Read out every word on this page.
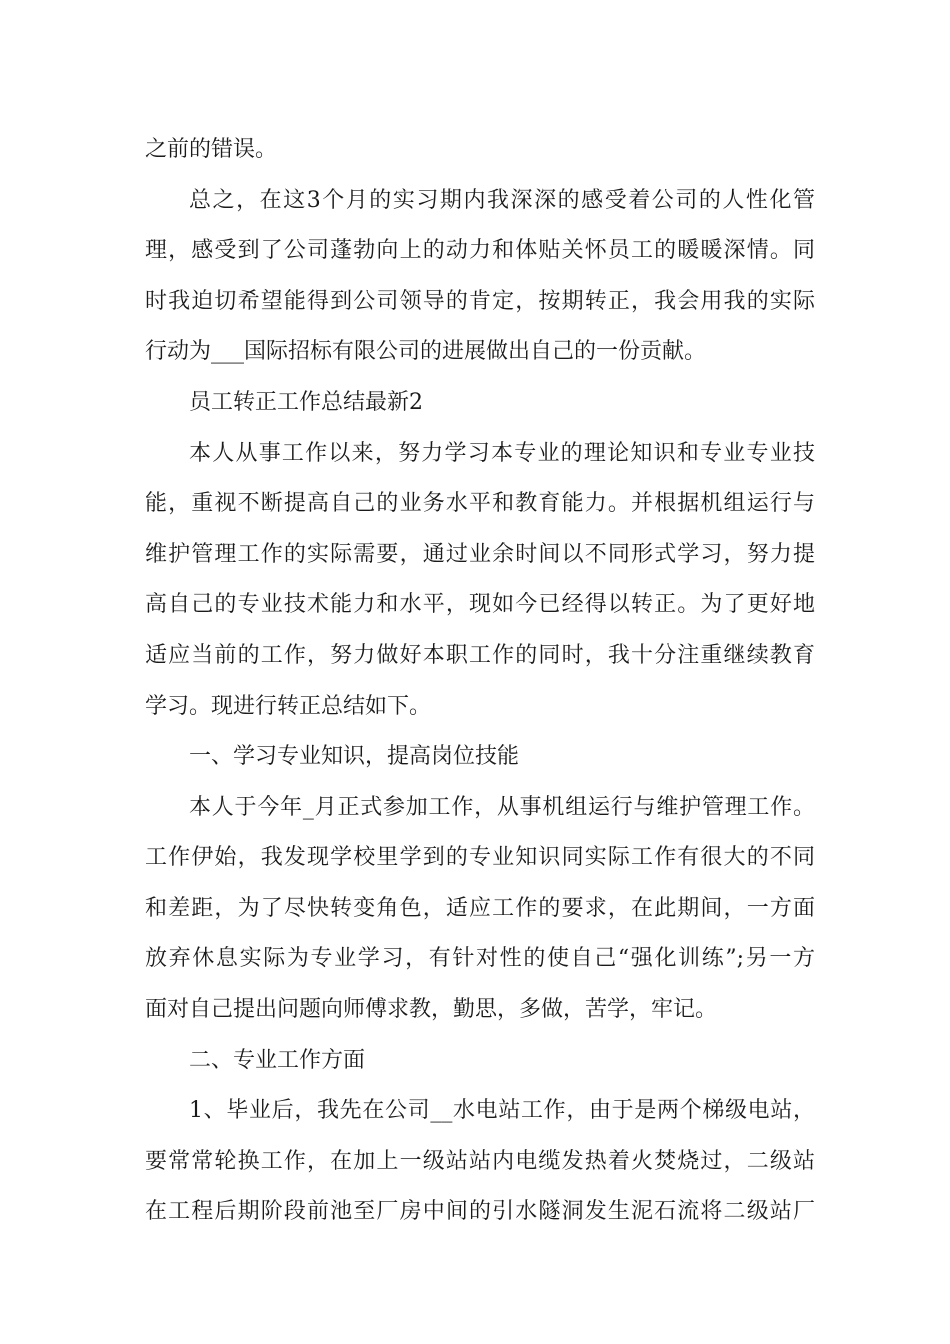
之前的错误。
总之，在这3个月的实习期内我深深的感受着公司的人性化管
理，感受到了公司蓬勃向上的动力和体贴关怀员工的暖暖深情。同
时我迫切希望能得到公司领导的肯定，按期转正，我会用我的实际
行动为___国际招标有限公司的进展做出自己的一份贡献。
员工转正工作总结最新2
本人从事工作以来，努力学习本专业的理论知识和专业专业技
能，重视不断提高自己的业务水平和教育能力。并根据机组运行与
维护管理工作的实际需要，通过业余时间以不同形式学习，努力提
高自己的专业技术能力和水平，现如今已经得以转正。为了更好地
适应当前的工作，努力做好本职工作的同时，我十分注重继续教育
学习。现进行转正总结如下。
一、学习专业知识，提高岗位技能
本人于今年_月正式参加工作，从事机组运行与维护管理工作。
工作伊始，我发现学校里学到的专业知识同实际工作有很大的不同
和差距，为了尽快转变角色，适应工作的要求，在此期间，一方面
放弃休息实际为专业学习，有针对性的使自己“强化训练”;另一方
面对自己提出问题向师傅求教，勤思，多做，苦学，牢记。
二、专业工作方面
1、毕业后，我先在公司__水电站工作，由于是两个梯级电站，
要常常轮换工作，在加上一级站站内电缆发热着火焚烧过，二级站
在工程后期阶段前池至厂房中间的引水隧洞发生泥石流将二级站厂
